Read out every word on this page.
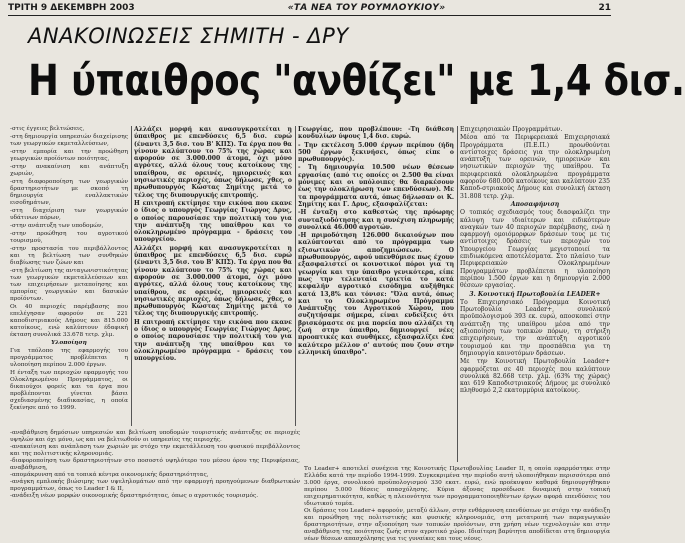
ΤΡΙΤΗ 9 ΔΕΚΕΜΒΡΗ 2003	«ΤΑ ΝΕΑ ΤΟΥ ΡΟΥΜΛΟΥΚΙΟΥ»	21
ΑΝΑΚΟΙΝΩΣΕΙΣ ΣΗΜΙΤΗ - ΔΡΥ
Η ύπαιθρος "ανθίζει" με 1,4 δισ.

-στις έγγειες βελτιώσεις,

-στη δημιουργία υπηρεσιών διαχείρισης των γεωργικών εκμεταλλεύσεων,

-στην εμπορία και την προώθηση γεωργικών προϊόντων ποιότητας,

-στην ανακαίνιση και ανάπτυξη χωριών,

-στη διαφοροποίηση των γεωργικών δραστηριοτήτων με σκοπό τη δημιουργία εναλλακτικών εισοδημάτων,

-στη διαχείριση των γεωργικών υδάτινων πόρων,

-στην ανάπτυξη των υποδομών,

-στην προώθηση του αγροτικού τουρισμού,

-στην προστασία του περιβάλλοντος και τη βελτίωση των συνθηκών διαβίωσης των ζώων και

-στη βελτίωση της ανταγωνιστικότητας των γεωργικών εκμεταλλεύσεων και των επιχειρήσεων μεταποίησης και εμπορίας γεωργικών και δασικών προϊόντων.

Οι 40 περιοχές παρέμβασης που επελέγησαν αφορούν σε 221 καποδιστριακούς Δήμους και 815.000 κατοίκους, ενώ καλύπτουν έδαφική έκταση συνολικά 33.678 τετρ. χλμ.

Υλοποίηση

Για τπόλοπο της εφαρμογής του προγράμματος προβλέπεται η υλοποίηση περίπου 2.000 έργων.

Η ένταξη των περιοχών εφαρμογής του Ολοκληρωμένου Προγράμματος, οι δικαιούχοι φορείς και τα έργα που προβλέπονται γίνεται βάσει σχεδιασμένης διαδικασίας, η οποία ξεκίνησε από το 1999.

Αλλάζει μορφή και ανασυγκροτείται η ύπαιθρος με επενδύσεις 6,5 δισ. ευρώ (έναντι 3,5 δισ. του Β' ΚΠΣ). Τα έργα που θα γίνουν καλύπτουν το 75% της χώρας και αφορούν σε 3.000.000 άτομα, όχι μόνο αγρότες, αλλά όλους τους κατοίκους της υπαίθρου, σε ορεινές, ημιορεινές και νησιωτικές περιοχές, όπως δήλωσε, χθες, ο πρωθυπουργός Κώστας Σημίτης μετά το τέλος της διυπουργικής επιτροπής.

Η επιτροπή εκτίμησε την εικόνα που εκανε ο ίδιος ο υπουργός Γεωργίας Γιώργος Δρυς, ο οποίος παρουσίασε την πολιτική του για την ανάπτυξη της υπαίθρου και το ολοκληρωμένο πρόγραμμα - δράσεις του υπουργείου.

Αλλάζει μορφή και ανασυγκροτείται η ύπαιθρος με επενδύσεις 6,5 δισ. ευρώ (έναντι 3,5 δισ. του Β' ΚΠΣ). Τα έργα που θα γίνουν καλύπτουν το 75% της χώρας και αφορούν σε 3.000.000 άτομα, όχι μόνο αγρότες, αλλά όλους τους κατοίκους της υπαίθρου, σε ορεινές, ημιορεινές και νησιωτικές περιοχές, όπως δήλωσε, χθες, ο πρωθυπουργός Κώστας Σημίτης μετά το τέλος της διυπουργικής επιτροπής.

Η επιτροπή εκτίμησε την εικόνα που εκανε ο ίδιος ο υπουργός Γεωργίας Γιώργος Δρυς, ο οποίος παρουσίασε την πολιτική του για την ανάπτυξη της υπαίθρου και το ολοκληρωμένο πρόγραμμα - δράσεις του υπουργείου.

Γεωργίας, που προβλέπουν: -Τη διάθεση κονδυλίων ύψους 1,4 δισ. ευρώ.

- Την εκτέλεση 5.000 έργων περίπου (ήδη 500 έργων ξεκινήσει, όπως είπε ο πρωθυπουργός).

- Τη δημιουργία 10.500 νέων θέσεων εργασίας (από τις οποίες οι 2.500 θα είναι μόνιμες και οι υπόλοιπες θα διαρκέσουν έως την ολοκλήρωση των επενδύσεων). Με τα προγράμματα αυτά, όπως δήλωσαν οι Κ. Σημίτης και Γ. Δρυς, εξασφαλίζεται:

-Η ένταξη στο καθεστώς της πρόωρης συνταξιοδότησης και η συνέχιση πληρωμής συνολικά 46.000 αγροτών.

-Η πριμοδότηση 126.000 δικαιούχων που καλύπτονται από το πρόγραμμα των εξισωτικών αποζημιώσεων. Ο πρωθυπουργός, αφού υπενθύμισε πως έχουν εξασφαλιστεί οι κοινοτικοί πόροι για τη γεωργία και την ύπαιθρο γενικότερα, είπε πως την τελευταία τριετία το κατά κεφαλήν αγροτικό εισόδημα αυξήθηκε κατά 13,8% και τόνισε: "Όλα αυτά, όπως και το Ολοκληρωμένο Πρόγραμμα Ανάπτυξης του Αγροτικού Χώρου, που συζητήσαμε σήμερα, είναι ενδείξεις ότι βρισκόμαστε σε μια πορεία που αλλάζει τη ζωή στην ύπαιθρο, δημιουργεί νέες προοπτικές και συνθήκες, εξασφαλίζει ένα καλύτερο μέλλον σ' αυτούς που ζουν στην ελληνική ύπαιθρο".

Επιχειρησιακών Προγραμμάτων.

Μέσα από τα Περιφερειακά Επιχειρησιακά Προγράμματα (Π.Ε.Π.) προωθούνται αντίστοιχες δράσεις για την ολοκληρωμένη ανάπτυξη των ορεινών, ημιορεινών και νησιωτικών περιοχών της υπαίθρου. Τα περιφερειακά ολοκληρωμένα προγράμματα αφορούν 680.000 κατοίκους και καλύπτουν 235 Καποδ-στριακούς Δήμους και συνολική έκταση 31.808 τετρ. χλμ.

Αποσαφήνιση

Ο τοπικός σχεδιασμός τους διασφαλίζει την κάλυψη των ιδιαίτερων και ειδικότερων αναγκών των 40 περιοχών παρέμβασης, ενώ η εφαρμογή ομοιόμορφων δράσεων τους με τις αντίστοιχες δράσεις των περιοχών του Υπουργείου Γεωργίας μεγιστοποιεί τα επιδιωκόμενα αποτελέσματα. Στο πλαίσιο των Περιφερειακών Ολοκληρωμένων Προγραμμάτων προβλέπεται η υλοποίηση περίπου 1.500 έργων και η δημιουργία 2.000 θέσεων εργασίας.

3. Κοινοτική Πρωτοβουλία LEADER+

Το Επιχειρησιακό Πρόγραμμα Κοινοτική Πρωτοβουλία Leader+, συνολικού προϋπολογισμού 393 εκ. ευρώ, αποσκοπεί στην ανάπτυξη της υπαίθρου μέσα από την αξιοποίηση των τοπικών πόρων, τη στήριξη επιχειρήσεων, την ανάπτυξη αγροτικού τουρισμού και την προσπάθεια για τη δημιουργία καινοτόμων δράσεων.

Με την Κοινοτική Πρωτοβουλία Leader+ εφαρμόζεται σε 40 περιοχές που καλύπτουν συνολικά 82.668 τετρ. χλμ. (63% της χώρας) και 619 Καποδιστριακούς Δήμους με συνολικό πληθυσμό 2,2 εκατομμύρια κατοίκους.

-αναβάθμιση δημόσιων υπηρεσιών και βελτίωση υποδομών τουριστικής ανάπτυξης σε περιοχές υψηλών και όχι μόνο, ως και να βελτιωθούν οι υπηρεσίες της περιοχής.

-ανακαίνιση και ανάπλαση των χωριών με στόχο την εκμετάλλευση του φυσικού περιβάλλοντος και της πολιτιστικής κληρονομιάς.

-διαφοροποίηση των δραστηριοτήτων στο ποσοστό υψηλότερο του μέσου όρου της Περιφέρειας, αναβάθμιση,

-απομάκρυνση από τα τοπικά κέντρα οικονομικής δραστηριότητας,

-ανάγκη εμπλοκής βιώσιμης των υψεληλομάτων από την εφαρμογή προηγούμενων διαθρωτικών προγραμμάτων, όπως το Leader I & II,

-ανάδειξη νέων μορφών οικονομικής δραστηριότητας, όπως ο αγροτικός τουρισμός.

Το Leader+ αποτελεί συνέχεια της Κοινοτικής Πρωτοβουλίας Leader II, η οποία εφαρμόστηκε στην Ελλάδα κατά την περίοδο 1994-1999. Συγκεκριμένα την περίοδο αυτή υλοποιήθηκαν περισσότερα από 3.000 έργα, συνολικού προϋπολογισμού 330 εκατ. ευρώ, ενώ προέκυψαν καθαρά δημιουργήθηκαν περίπου 5.000 θέσεις απασχόλησης. Κύρια άξονας προσέδωσε δυναμική στην τοπική επιχειρηματικότητα, καθώς η πλειονότητα των προγραμματοποιηθέντων έργων αφορά επενδύσεις του ιδιωτικού τομέα.

Οι δράσεις του Leader+ αφορούν, μεταξύ άλλων, στην ενθάρρυνση επενδύσεων με στόχο την ανάδειξη και προώθηση της πολιτιστικής και φυσικής κληρονομιάς, στη μετατροπή των παραγωγικών δραστηριοτήτων, στην αξιοποίηση των τοπικών προϊόντων, στη χρήση νέων τεχνολογιών και στην αναβάθμιση της ποιότητας ζωής στον αγροτικό χώρο. Ιδιαίτερη βαρύτητα αποδίδεται στη δημιουργία νέων θέσεων απασχόλησης για τις γυναίκες και τους νέους.
